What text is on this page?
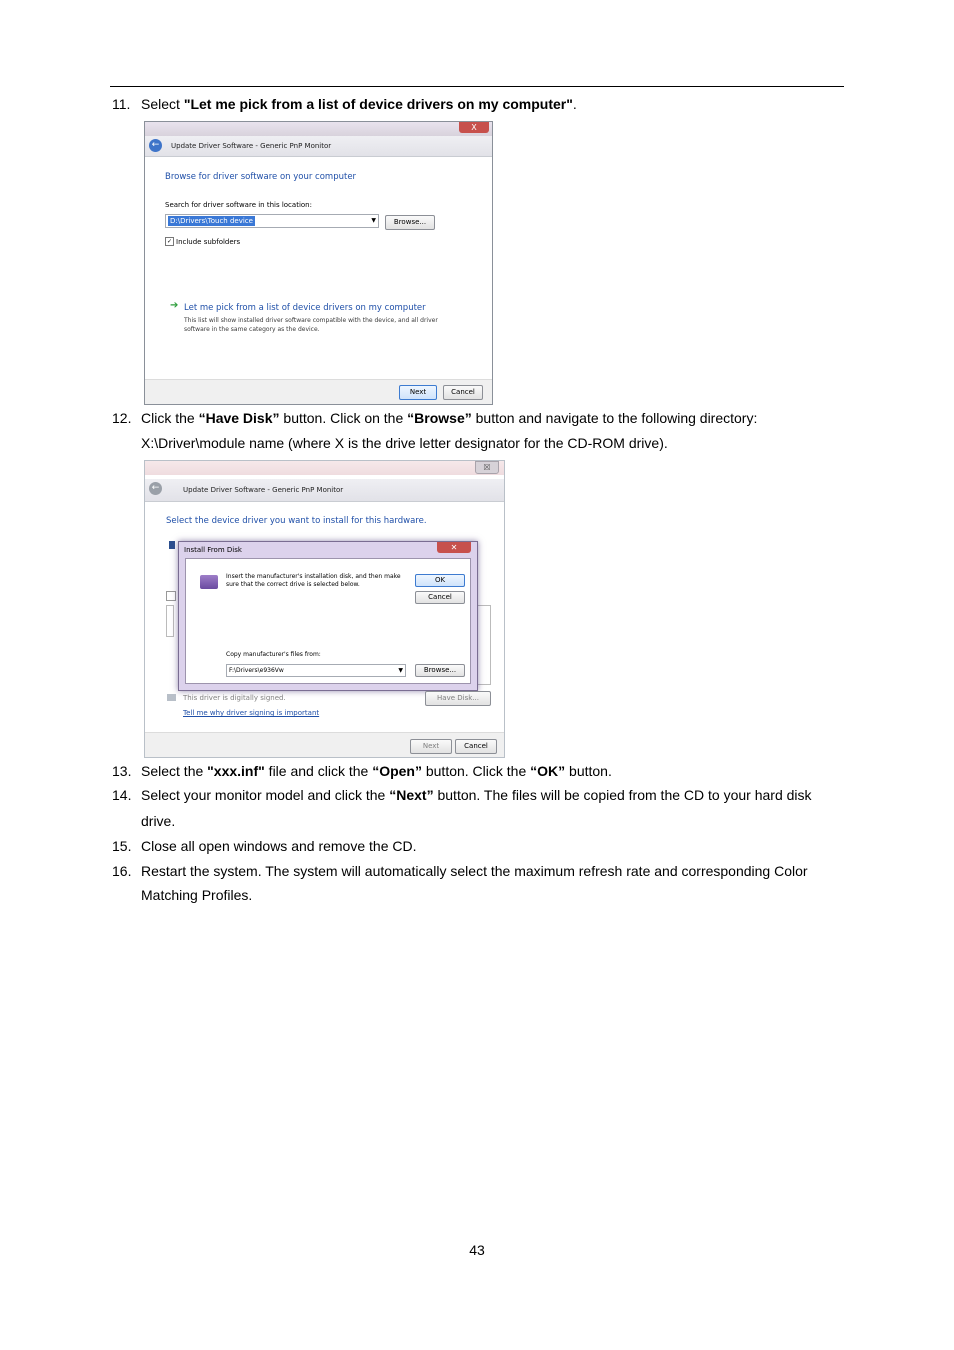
11. Select "Let me pick from a list of device drivers on my computer".
X
←	Update Driver Software - Generic PnP Monitor
Browse for driver software on your computer
Search for driver software in this location:
D:\Drivers\Touch device	▼	Browse...
✓ Include subfolders
➔ Let me pick from a list of device drivers on my computer
This list will show installed driver software compatible with the device, and all driver software in the same category as the device.
Next	Cancel
12. Click the “Have Disk” button. Click on the “Browse” button and navigate to the following directory: X:\Driver\module name (where X is the drive letter designator for the CD-ROM drive).
☒
←	Update Driver Software - Generic PnP Monitor
Select the device driver you want to install for this hardware.
Install From Disk	✕
Insert the manufacturer's installation disk, and then make sure that the correct drive is selected below.
OK
Cancel
Copy manufacturer's files from:
F:\Drivers\e936Vw	▼	Browse...
This driver is digitally signed.
Tell me why driver signing is important
Have Disk...
Next	Cancel
13. Select the "xxx.inf" file and click the “Open” button. Click the “OK” button.
14. Select your monitor model and click the “Next” button. The files will be copied from the CD to your hard disk drive.
15. Close all open windows and remove the CD.
16. Restart the system. The system will automatically select the maximum refresh rate and corresponding Color Matching Profiles.
43
